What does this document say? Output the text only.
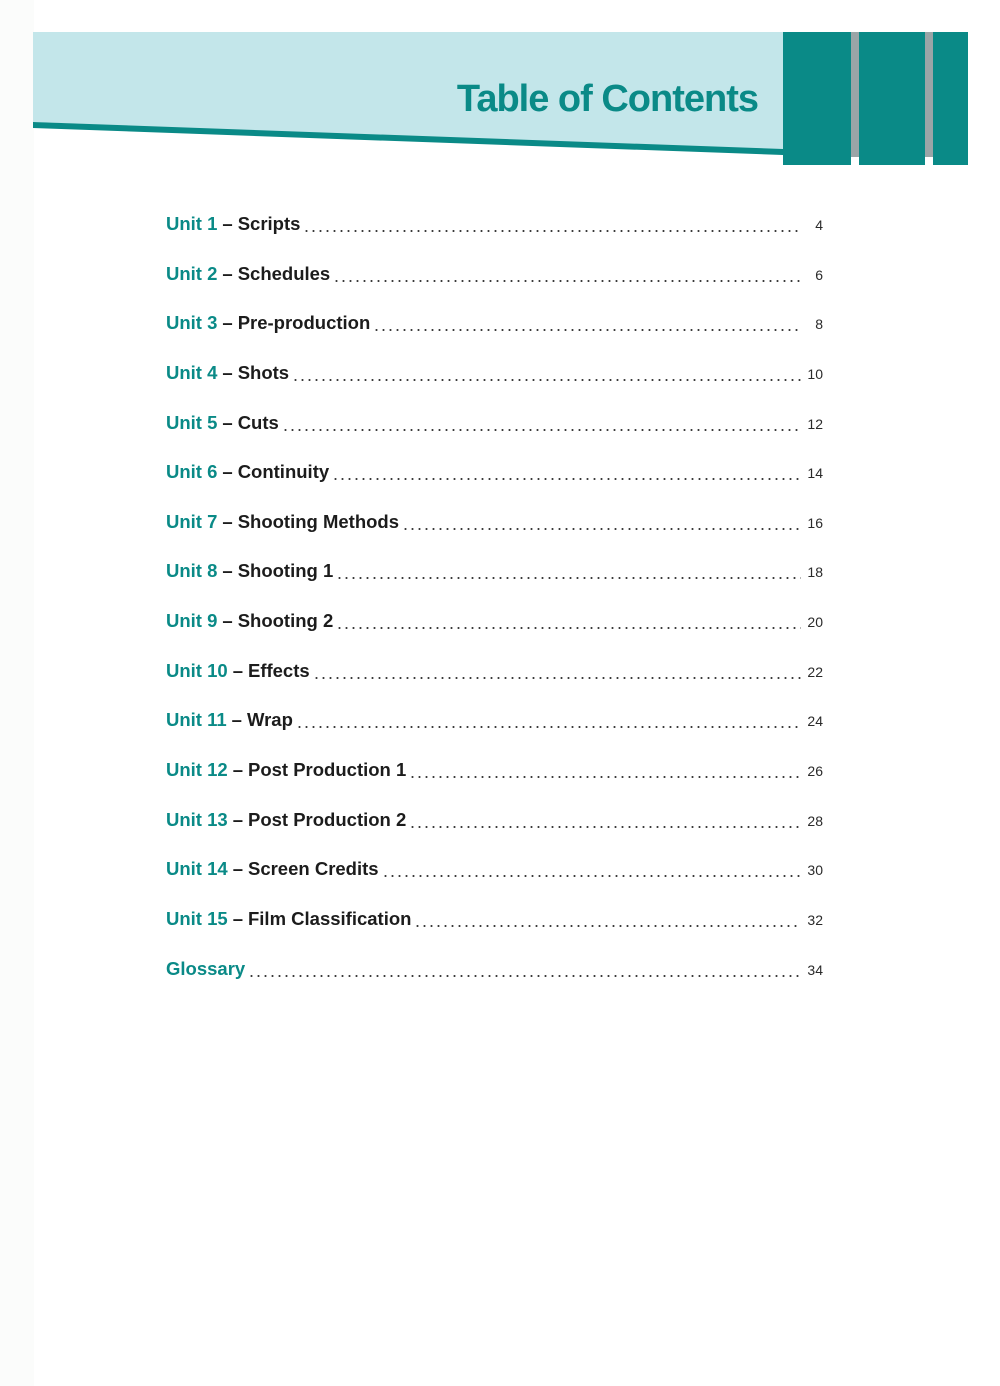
Table of Contents
Unit 1 – Scripts	4
Unit 2 – Schedules	6
Unit 3 – Pre-production	8
Unit 4 – Shots	10
Unit 5 – Cuts	12
Unit 6 – Continuity	14
Unit 7 – Shooting Methods	16
Unit 8 – Shooting 1	18
Unit 9 – Shooting 2	20
Unit 10 – Effects	22
Unit 11 – Wrap	24
Unit 12 – Post Production 1	26
Unit 13 – Post Production 2	28
Unit 14 – Screen Credits	30
Unit 15 – Film Classification	32
Glossary	34
